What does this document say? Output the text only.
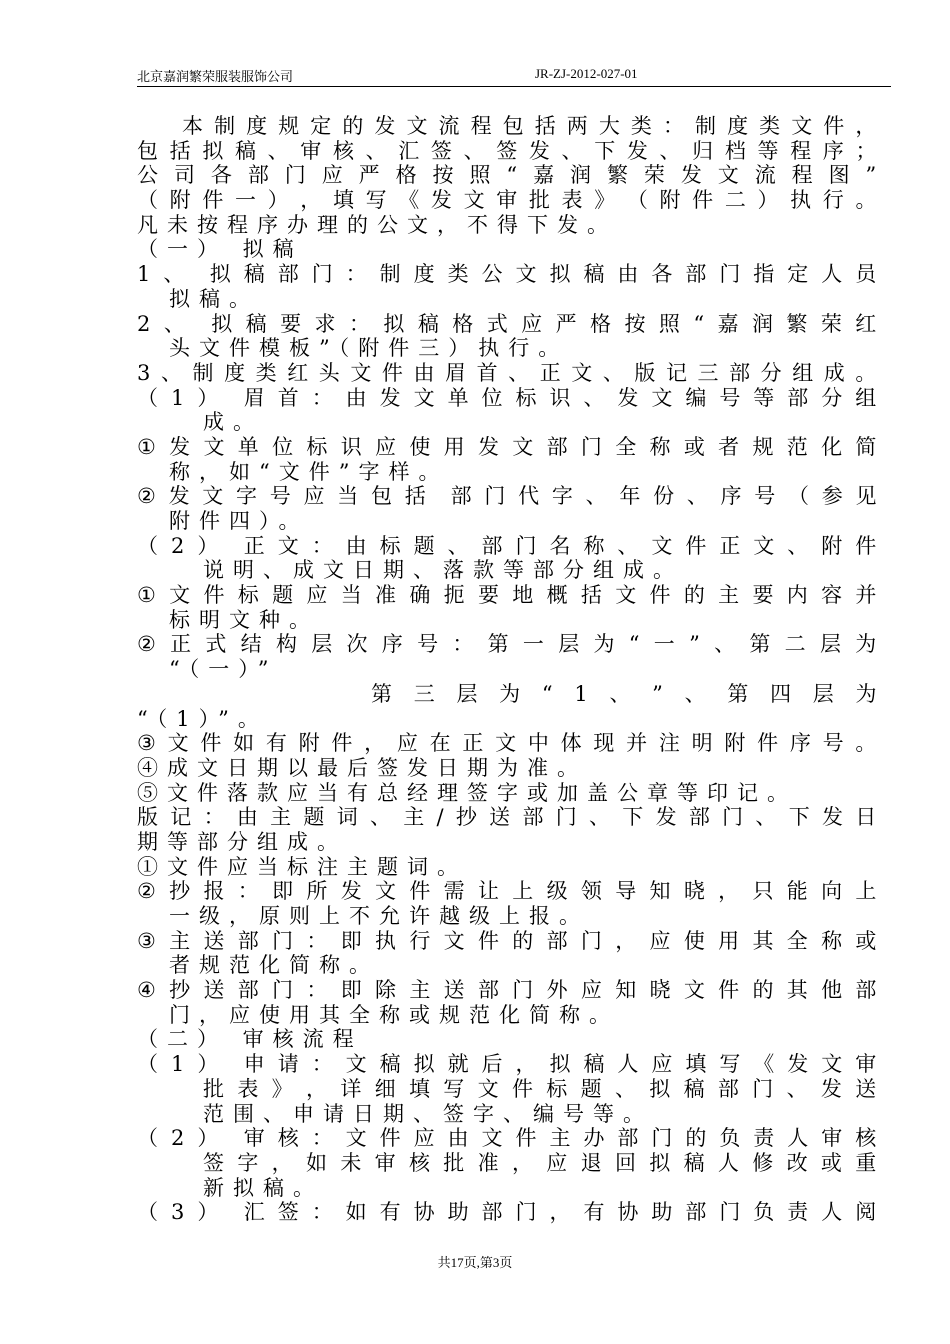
北京嘉润繁荣服装服饰公司	JR-ZJ-2012-027-01
本 制 度 规 定 的 发 文 流 程 包 括 两 大 类 ： 制 度 类 文 件 ，
包 括 拟 稿 、 审 核 、 汇 签 、 签 发 、 下 发 、 归 档 等 程 序 ；
公 司 各 部 门 应 严 格 按 照 “ 嘉 润 繁 荣 发 文 流 程 图 ”
（ 附 件 一 ） ， 填 写 《 发 文 审 批 表 》 （ 附 件 二 ） 执 行 。
凡未按程序办理的公文，不得下发。
（一） 拟稿
1 、 拟 稿 部 门 ： 制 度 类 公 文 拟 稿 由 各 部 门 指 定 人 员
拟稿。
2 、 拟 稿 要 求 ： 拟 稿 格 式 应 严 格 按 照 “ 嘉 润 繁 荣 红
头文件模板”（附件三）执行。
3 、 制 度 类 红 头 文 件 由 眉 首 、 正 文 、 版 记 三 部 分 组 成 。
（ 1 ） 眉 首 ： 由 发 文 单 位 标 识 、 发 文 编 号 等 部 分 组
成。
① 发 文 单 位 标 识 应 使 用 发 文 部 门 全 称 或 者 规 范 化 简
称，如“文件”字样。
② 发 文 字 号 应 当 包 括 部 门 代 字 、 年 份 、 序 号 （ 参 见
附件四）。
（ 2 ） 正 文 ： 由 标 题 、 部 门 名 称 、 文 件 正 文 、 附 件
说明、成文日期、落款等部分组成。
① 文 件 标 题 应 当 准 确 扼 要 地 概 括 文 件 的 主 要 内 容 并
标明文种。
② 正 式 结 构 层 次 序 号 ： 第 一 层 为 “ 一 ” 、 第 二 层 为
“（一）”
第 三 层 为 “ 1 、 ” 、 第 四 层 为
“（1）”。
③ 文 件 如 有 附 件 ， 应 在 正 文 中 体 现 并 注 明 附 件 序 号 。
④成文日期以最后签发日期为准。
⑤文件落款应当有总经理签字或加盖公章等印记。
版 记 ： 由 主 题 词 、 主 / 抄 送 部 门 、 下 发 部 门 、 下 发 日
期等部分组成。
①文件应当标注主题词。
② 抄 报 ： 即 所 发 文 件 需 让 上 级 领 导 知 晓 ， 只 能 向 上
一级，原则上不允许越级上报。
③ 主 送 部 门 ： 即 执 行 文 件 的 部 门 ， 应 使 用 其 全 称 或
者规范化简称。
④ 抄 送 部 门 ： 即 除 主 送 部 门 外 应 知 晓 文 件 的 其 他 部
门，应使用其全称或规范化简称。
（二） 审核流程
（ 1 ） 申 请 ： 文 稿 拟 就 后 ， 拟 稿 人 应 填 写 《 发 文 审
批 表 》 ， 详 细 填 写 文 件 标 题 、 拟 稿 部 门 、 发 送
范围、申请日期、签字、编号等。
（ 2 ） 审 核 ： 文 件 应 由 文 件 主 办 部 门 的 负 责 人 审 核
签 字 ， 如 未 审 核 批 准 ， 应 退 回 拟 稿 人 修 改 或 重
新拟稿。
（ 3 ） 汇 签 ： 如 有 协 助 部 门 ， 有 协 助 部 门 负 责 人 阅
共17页,第3页
